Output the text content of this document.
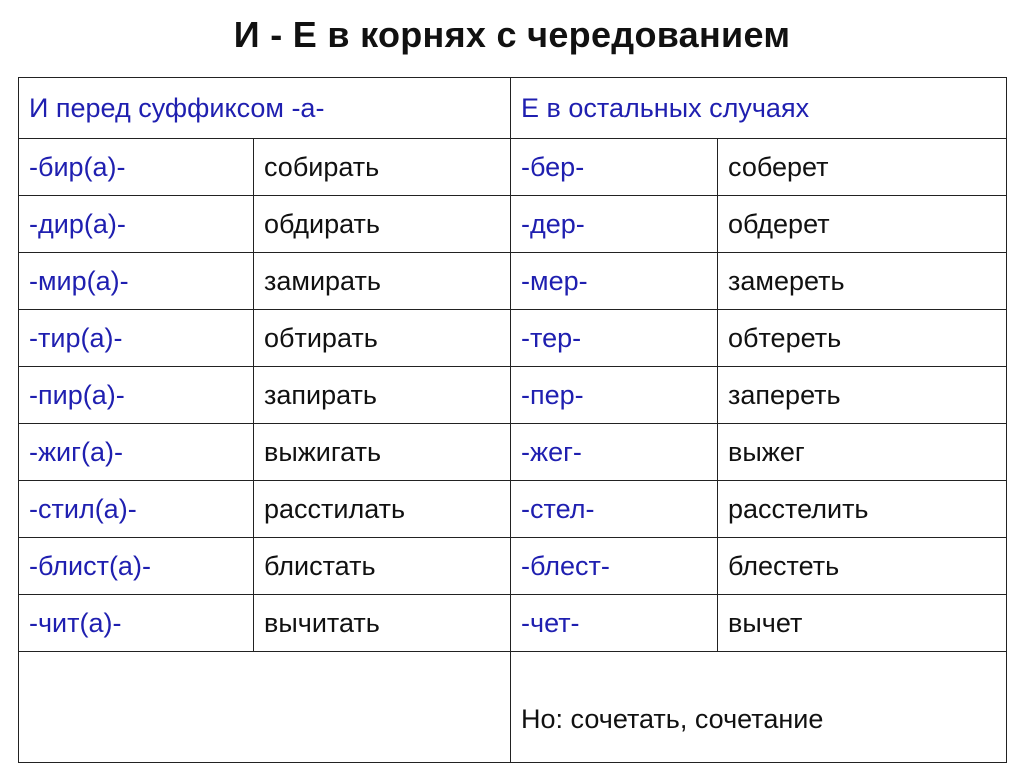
И - Е в корнях с чередованием
И перед суффиксом -а-		Е в остальных случаях	
-бир(а)-	собирать	-бер-	соберет
-дир(а)-	обдирать	-дер-	обдерет
-мир(а)-	замирать	-мер-	замереть
-тир(а)-	обтирать	-тер-	обтереть
-пир(а)-	запирать	-пер-	запереть
-жиг(а)-	выжигать	-жег-	выжег
-стил(а)-	расстилать	-стел-	расстелить
-блист(а)-	блистать	-блест-	блестеть
-чит(а)-	вычитать	-чет-	вычет
		Но: сочетать, сочетание	
